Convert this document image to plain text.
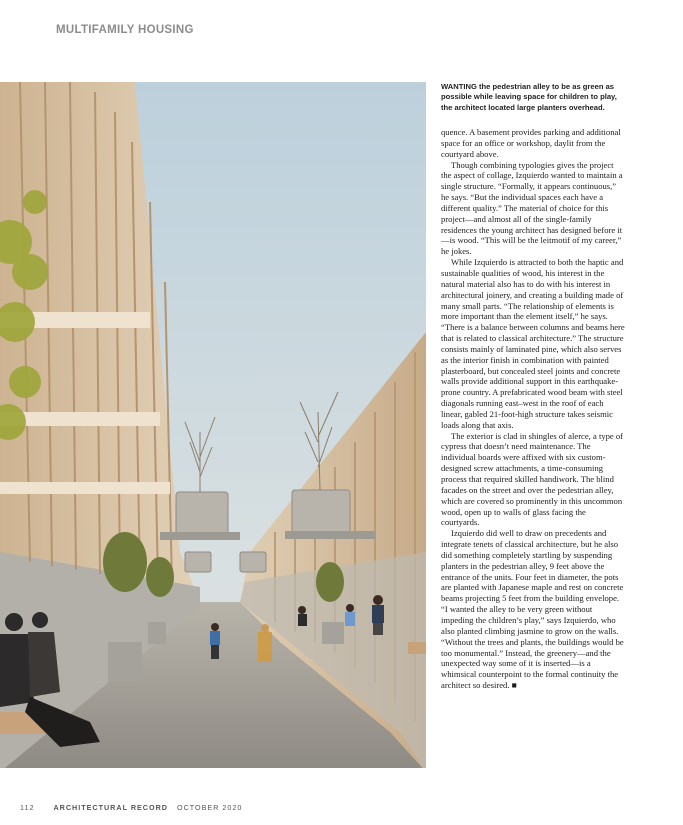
MULTIFAMILY HOUSING
WANTING the pedestrian alley to be as green as possible while leaving space for children to play, the architect located large planters overhead.

quence. A basement provides parking and additional space for an office or workshop, daylit from the courtyard above.

Though combining typologies gives the project the aspect of collage, Izquierdo wanted to maintain a single structure. “Formally, it appears continuous,” he says. “But the individual spaces each have a different quality.” The material of choice for this project—and almost all of the single-family residences the young architect has designed before it—is wood. “This will be the leitmotif of my career,” he jokes.

While Izquierdo is attracted to both the haptic and sustainable qualities of wood, his interest in the natural material also has to do with his interest in architectural joinery, and creating a building made of many small parts. “The relationship of elements is more important than the element itself,” he says. “There is a balance between columns and beams here that is related to classical architecture.” The structure consists mainly of laminated pine, which also serves as the interior finish in combination with painted plasterboard, but concealed steel joints and concrete walls provide additional support in this earthquake-prone country. A prefabricated wood beam with steel diagonals running east–west in the roof of each linear, gabled 21-foot-high structure takes seismic loads along that axis.

The exterior is clad in shingles of alerce, a type of cypress that doesn’t need maintenance. The individual boards were affixed with six custom-designed screw attachments, a time-consuming process that required skilled handiwork. The blind facades on the street and over the pedestrian alley, which are covered so prominently in this uncommon wood, open up to walls of glass facing the courtyards.

Izquierdo did well to draw on precedents and integrate tenets of classical architecture, but he also did something completely startling by suspending planters in the pedestrian alley, 9 feet above the entrance of the units. Four feet in diameter, the pots are planted with Japanese maple and rest on concrete beams projecting 5 feet from the building envelope. “I wanted the alley to be very green without impeding the children’s play,” says Izquierdo, who also planted climbing jasmine to grow on the walls. “Without the trees and plants, the buildings would be too monumental.” Instead, the greenery—and the unexpected way some of it is inserted—is a whimsical counterpoint to the formal continuity the architect so desired. ■

112	ARCHITECTURAL RECORD OCTOBER 2020
